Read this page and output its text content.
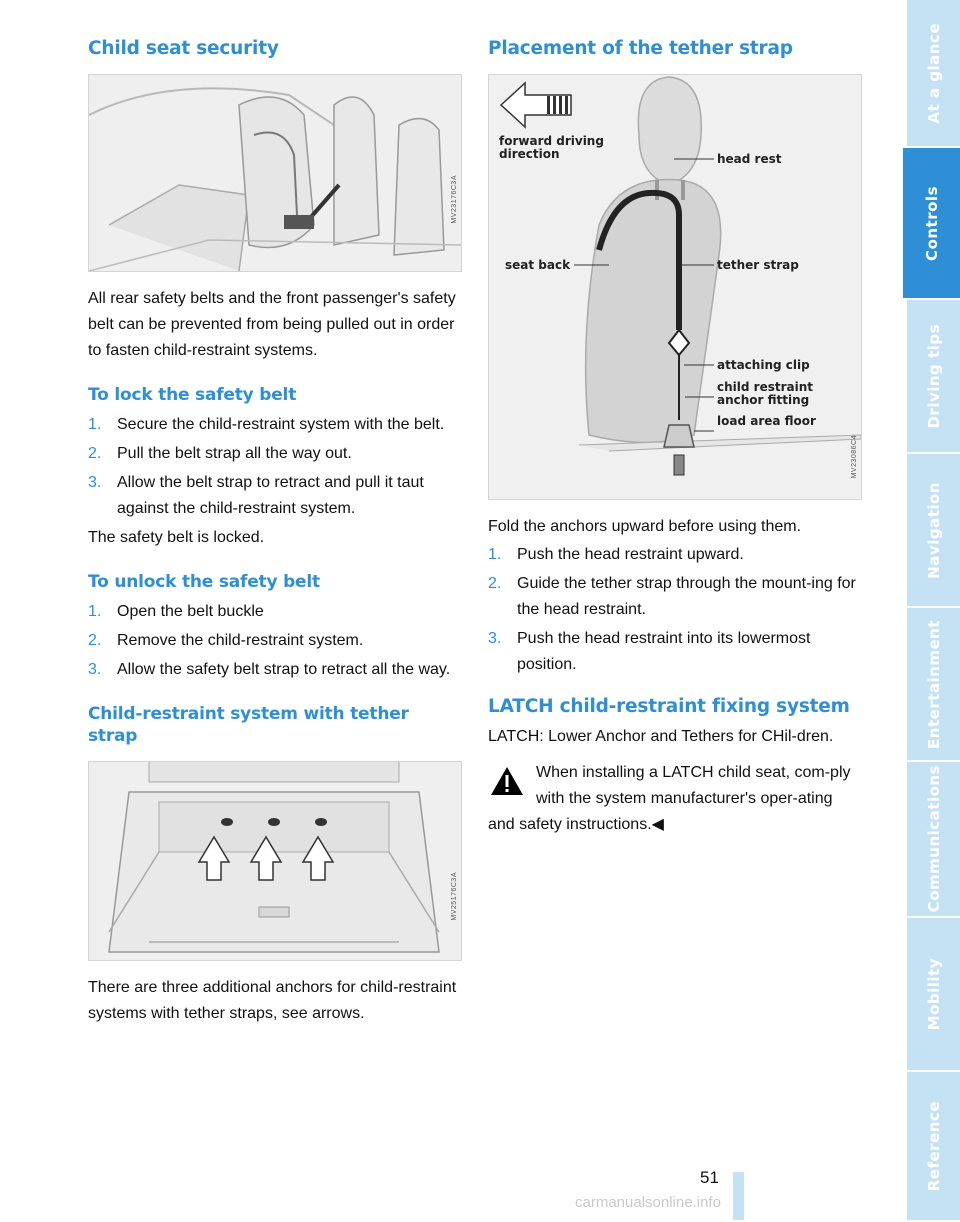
Child seat security
MV23176C3A

All rear safety belts and the front passenger's safety belt can be prevented from being pulled out in order to fasten child-restraint systems.

To lock the safety belt
1. Secure the child-restraint system with the belt.
2. Pull the belt strap all the way out.
3. Allow the belt strap to retract and pull it taut against the child-restraint system.

The safety belt is locked.

To unlock the safety belt
1. Open the belt buckle
2. Remove the child-restraint system.
3. Allow the safety belt strap to retract all the way.
Child-restraint system with tether strap
MV25176C3A

There are three additional anchors for child-restraint systems with tether straps, see arrows.

Placement of the tether strap
forward driving
direction	head rest
seat back	tether strap
attaching clip
child restraint
anchor fitting
load area floor
MV23086C4

Fold the anchors upward before using them.

1. Push the head restraint upward.
2. Guide the tether strap through the mount-ing for the head restraint.
3. Push the head restraint into its lowermost position.
LATCH child-restraint fixing system

LATCH: Lower Anchor and Tethers for CHil-dren.

When installing a LATCH child seat, com-ply with the system manufacturer's oper-ating and safety instructions.◀

At a glance
Controls
Driving tips
Navigation
Entertainment
Communications
Mobility
Reference
51
carmanualsonline.info
